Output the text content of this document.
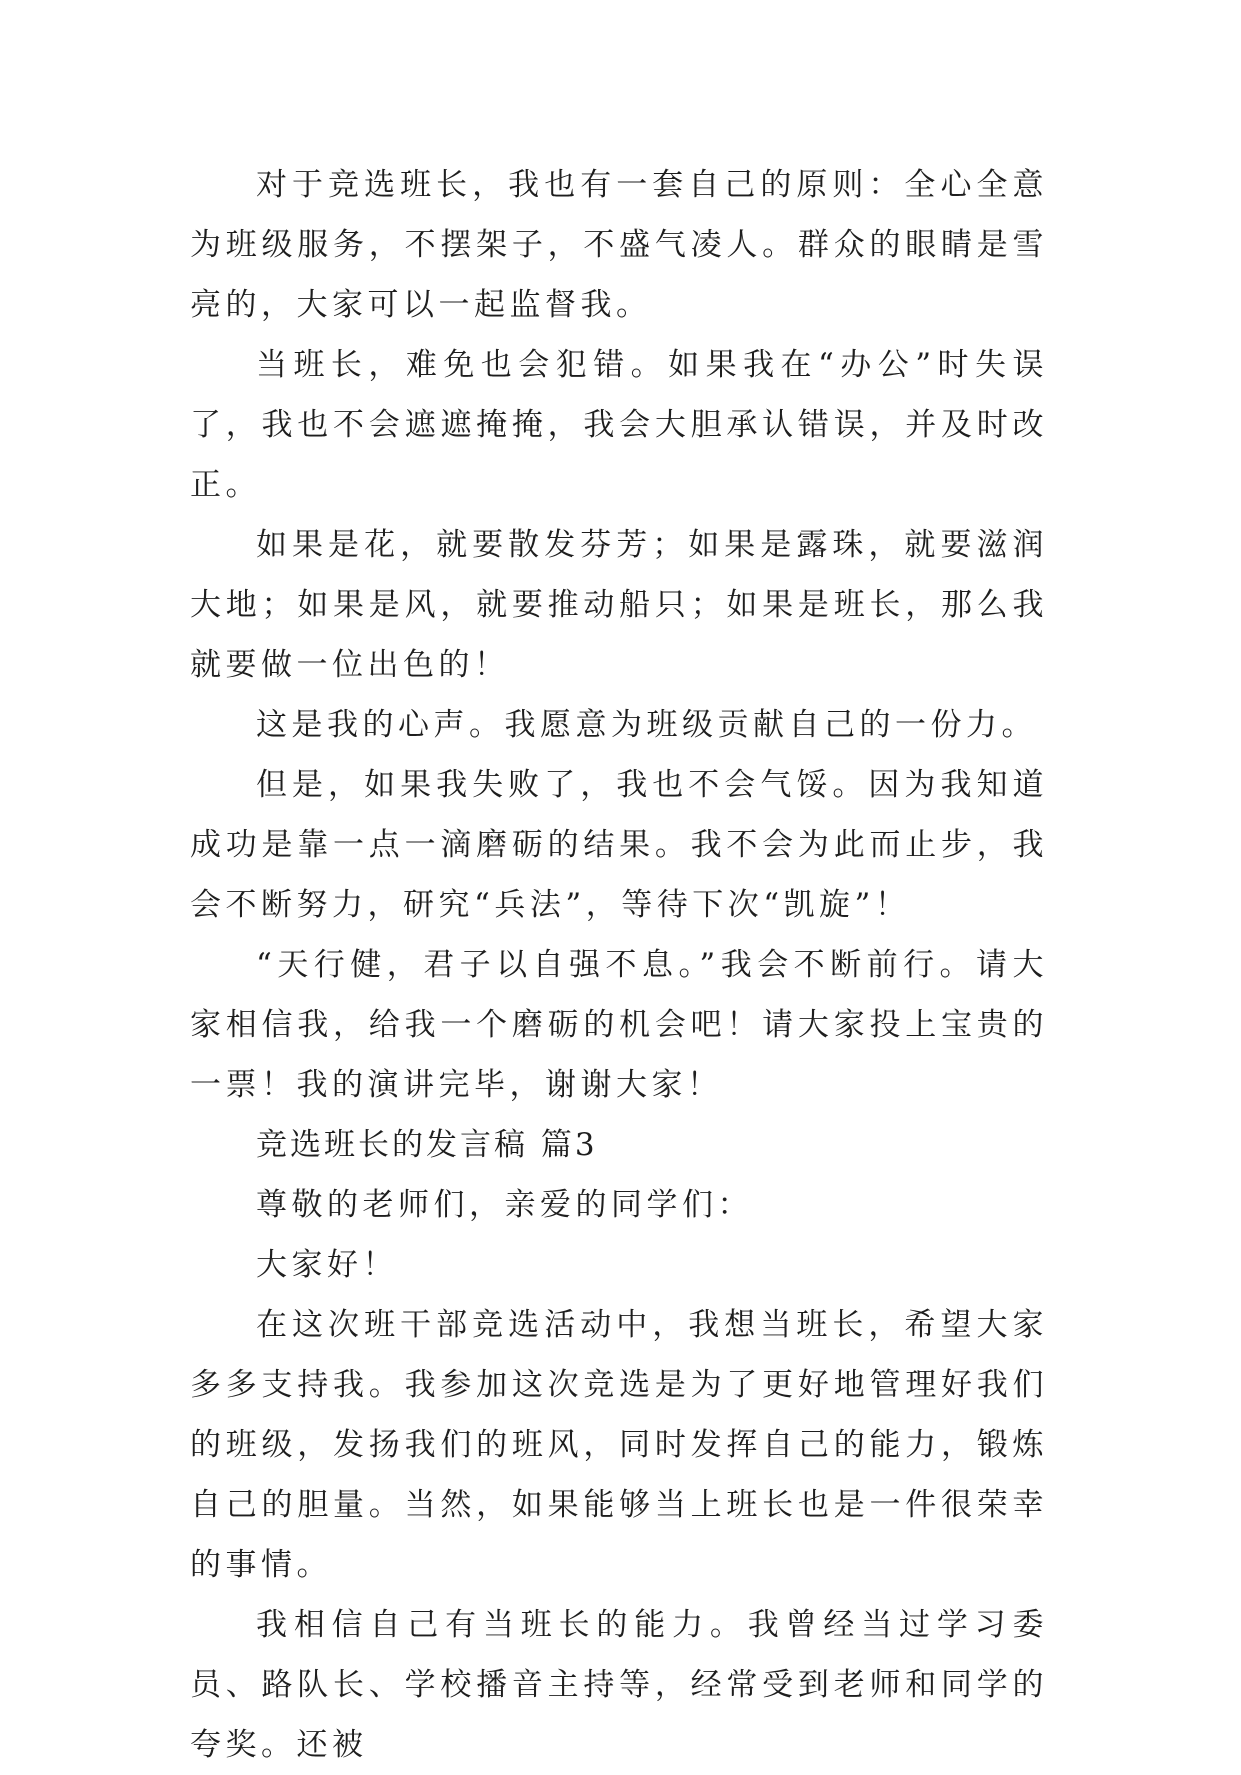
对于竞选班长，我也有一套自己的原则：全心全意为班级服务，不摆架子，不盛气凌人。群众的眼睛是雪亮的，大家可以一起监督我。

当班长，难免也会犯错。如果我在“办公”时失误了，我也不会遮遮掩掩，我会大胆承认错误，并及时改正。

如果是花，就要散发芬芳；如果是露珠，就要滋润大地；如果是风，就要推动船只；如果是班长，那么我就要做一位出色的！

这是我的心声。我愿意为班级贡献自己的一份力。

但是，如果我失败了，我也不会气馁。因为我知道成功是靠一点一滴磨砺的结果。我不会为此而止步，我会不断努力，研究“兵法”，等待下次“凯旋”！

“天行健，君子以自强不息。”我会不断前行。请大家相信我，给我一个磨砺的机会吧！请大家投上宝贵的一票！我的演讲完毕，谢谢大家！

竞选班长的发言稿 篇3

尊敬的老师们，亲爱的同学们：

大家好！

在这次班干部竞选活动中，我想当班长，希望大家多多支持我。我参加这次竞选是为了更好地管理好我们的班级，发扬我们的班风，同时发挥自己的能力，锻炼自己的胆量。当然，如果能够当上班长也是一件很荣幸的事情。

我相信自己有当班长的能力。我曾经当过学习委员、路队长、学校播音主持等，经常受到老师和同学的夸奖。还被
